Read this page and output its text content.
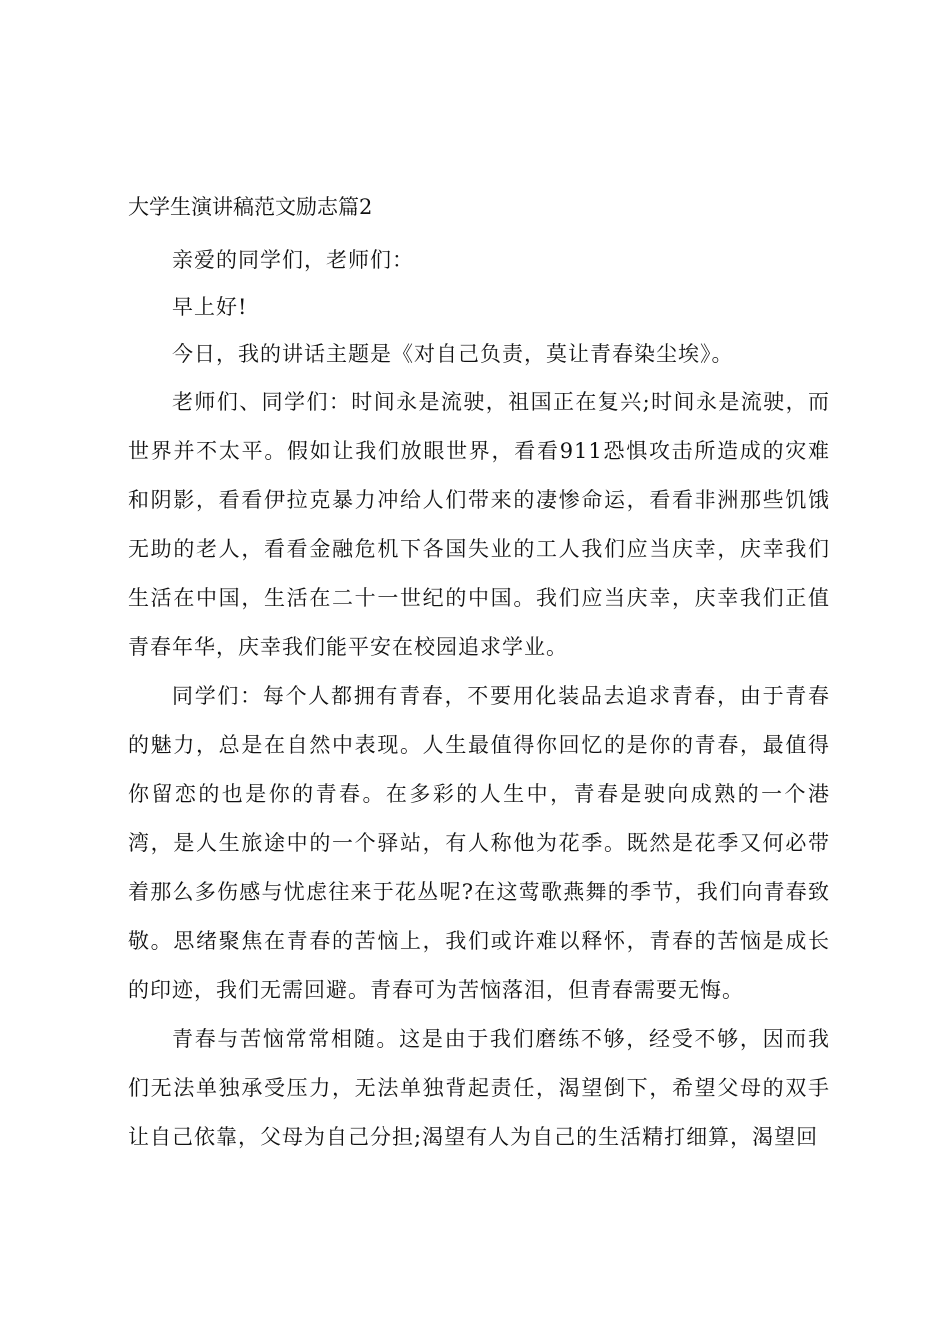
大学生演讲稿范文励志篇2

亲爱的同学们，老师们：

早上好!

今日，我的讲话主题是《对自己负责，莫让青春染尘埃》。

老师们、同学们：时间永是流驶，祖国正在复兴;时间永是流驶，而世界并不太平。假如让我们放眼世界，看看911恐惧攻击所造成的灾难和阴影，看看伊拉克暴力冲给人们带来的凄惨命运，看看非洲那些饥饿无助的老人，看看金融危机下各国失业的工人我们应当庆幸，庆幸我们生活在中国，生活在二十一世纪的中国。我们应当庆幸，庆幸我们正值青春年华，庆幸我们能平安在校园追求学业。

同学们：每个人都拥有青春，不要用化装品去追求青春，由于青春的魅力，总是在自然中表现。人生最值得你回忆的是你的青春，最值得你留恋的也是你的青春。在多彩的人生中，青春是驶向成熟的一个港湾，是人生旅途中的一个驿站，有人称他为花季。既然是花季又何必带着那么多伤感与忧虑往来于花丛呢?在这莺歌燕舞的季节，我们向青春致敬。思绪聚焦在青春的苦恼上，我们或许难以释怀，青春的苦恼是成长的印迹，我们无需回避。青春可为苦恼落泪，但青春需要无悔。

青春与苦恼常常相随。这是由于我们磨练不够，经受不够，因而我们无法单独承受压力，无法单独背起责任，渴望倒下，希望父母的双手让自己依靠，父母为自己分担;渴望有人为自己的生活精打细算，渴望回
